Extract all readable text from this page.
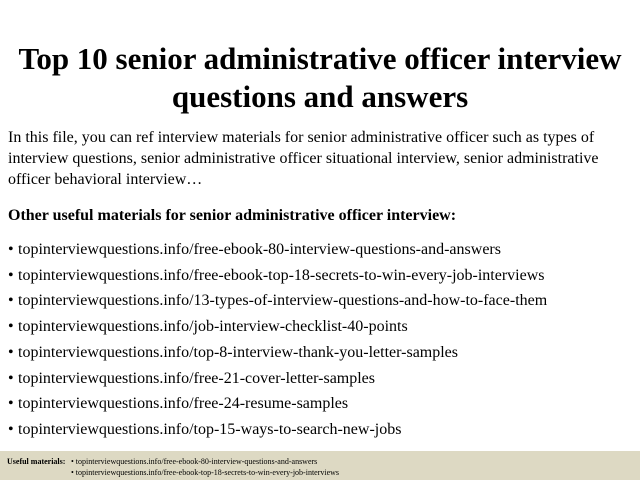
Top 10 senior administrative officer interview questions and answers

In this file, you can ref interview materials for senior administrative officer such as types of interview questions, senior administrative officer situational interview, senior administrative officer behavioral interview…

Other useful materials for senior administrative officer interview:

• topinterviewquestions.info/free-ebook-80-interview-questions-and-answers
• topinterviewquestions.info/free-ebook-top-18-secrets-to-win-every-job-interviews
• topinterviewquestions.info/13-types-of-interview-questions-and-how-to-face-them
• topinterviewquestions.info/job-interview-checklist-40-points
• topinterviewquestions.info/top-8-interview-thank-you-letter-samples
• topinterviewquestions.info/free-21-cover-letter-samples
• topinterviewquestions.info/free-24-resume-samples
• topinterviewquestions.info/top-15-ways-to-search-new-jobs
Useful materials: • topinterviewquestions.info/free-ebook-80-interview-questions-and-answers
• topinterviewquestions.info/free-ebook-top-18-secrets-to-win-every-job-interviews
